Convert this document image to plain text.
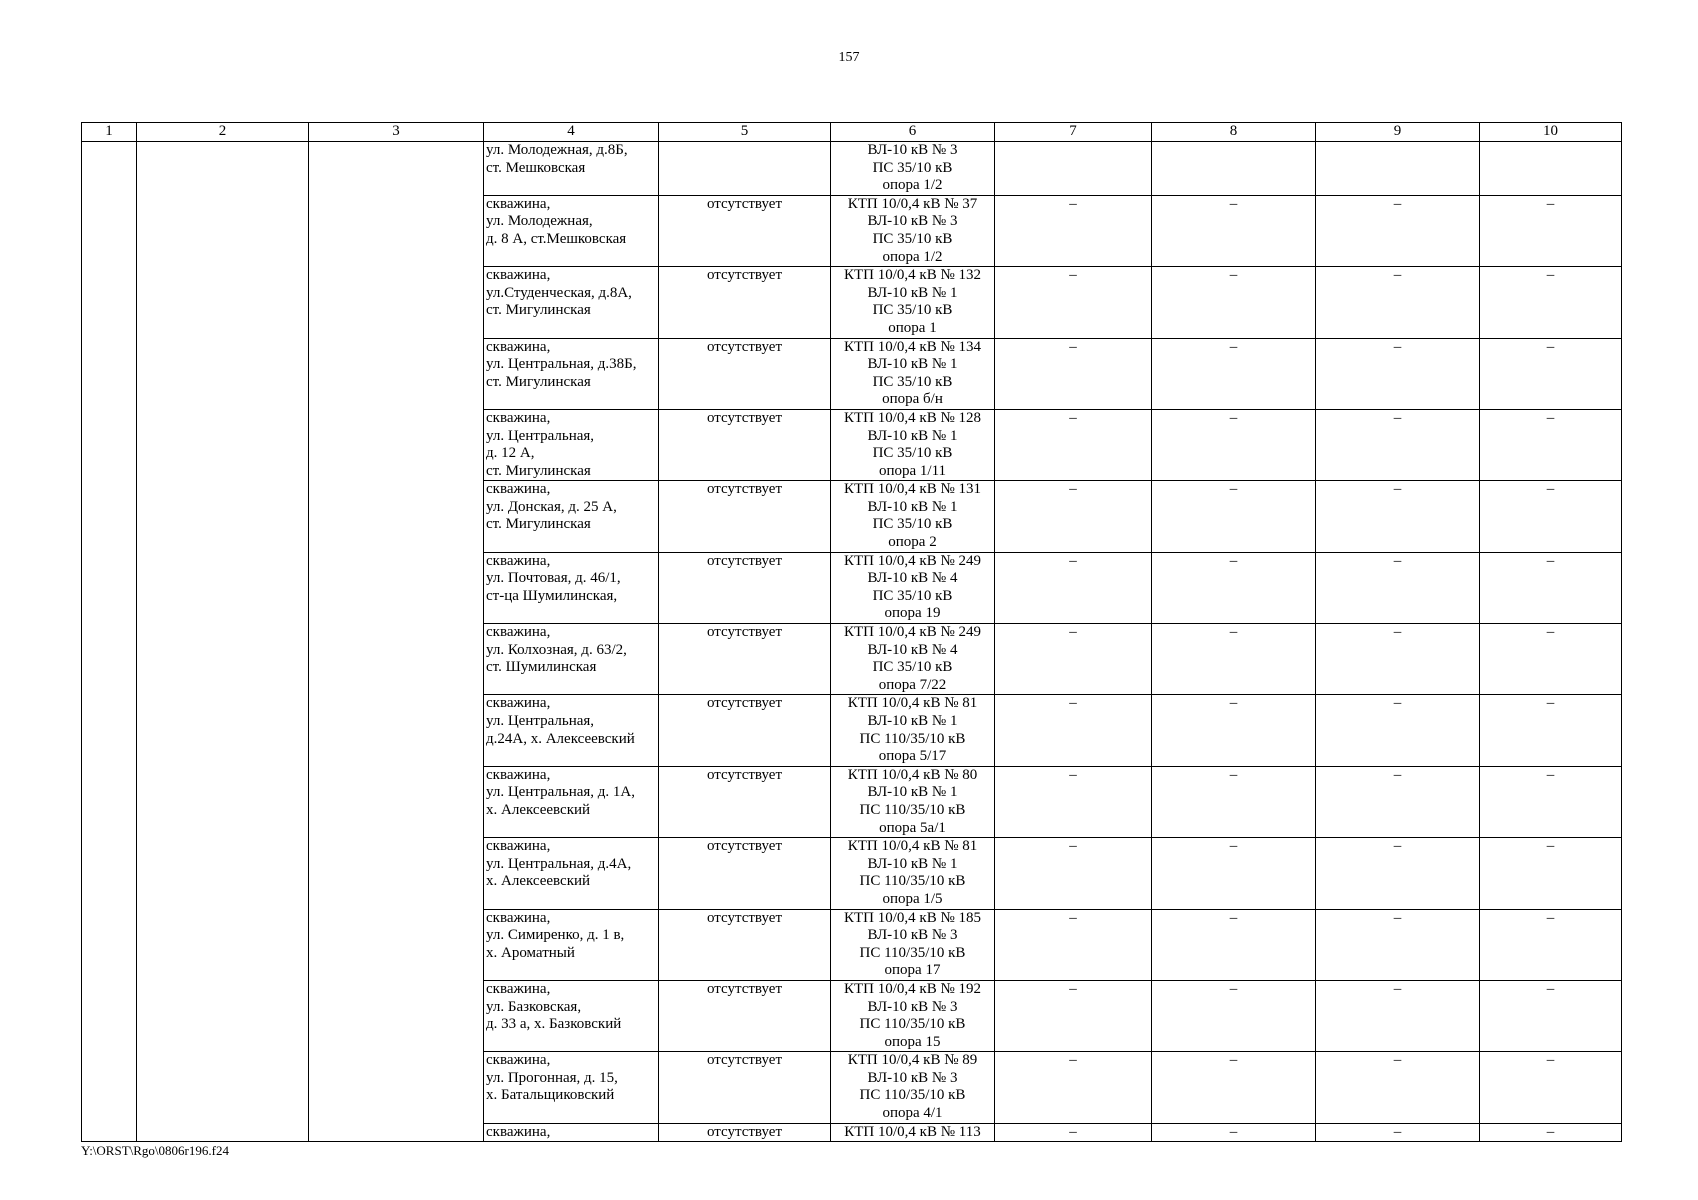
157
1	2	3	4	5	6	7	8	9	10
			ул. Молодежная, д.8Б,
ст. Мешковская		ВЛ-10 кВ № 3
ПС 35/10 кВ
опора 1/2				
			скважина,
ул. Молодежная,
д. 8 А, ст.Мешковская	отсутствует	КТП 10/0,4 кВ № 37
ВЛ-10 кВ № 3
ПС 35/10 кВ
опора 1/2	–	–	–	–
			скважина,
ул.Студенческая, д.8А,
ст. Мигулинская	отсутствует	КТП 10/0,4 кВ № 132
ВЛ-10 кВ № 1
ПС 35/10 кВ
опора 1	–	–	–	–
			скважина,
ул. Центральная, д.38Б,
ст. Мигулинская	отсутствует	КТП 10/0,4 кВ № 134
ВЛ-10 кВ № 1
ПС 35/10 кВ
опора б/н	–	–	–	–
			скважина,
ул. Центральная,
д. 12 А,
ст. Мигулинская	отсутствует	КТП 10/0,4 кВ № 128
ВЛ-10 кВ № 1
ПС 35/10 кВ
опора 1/11	–	–	–	–
			скважина,
ул. Донская, д. 25 А,
ст. Мигулинская	отсутствует	КТП 10/0,4 кВ № 131
ВЛ-10 кВ № 1
ПС 35/10 кВ
опора 2	–	–	–	–
			скважина,
ул. Почтовая, д. 46/1,
ст-ца Шумилинская,	отсутствует	КТП 10/0,4 кВ № 249
ВЛ-10 кВ № 4
ПС 35/10 кВ
опора 19	–	–	–	–
			скважина,
ул. Колхозная, д. 63/2,
ст. Шумилинская	отсутствует	КТП 10/0,4 кВ № 249
ВЛ-10 кВ № 4
ПС 35/10 кВ
опора 7/22	–	–	–	–
			скважина,
ул. Центральная,
д.24А, х. Алексеевский	отсутствует	КТП 10/0,4 кВ № 81
ВЛ-10 кВ № 1
ПС 110/35/10 кВ
опора 5/17	–	–	–	–
			скважина,
ул. Центральная, д. 1А,
х. Алексеевский	отсутствует	КТП 10/0,4 кВ № 80
ВЛ-10 кВ № 1
ПС 110/35/10 кВ
опора 5а/1	–	–	–	–
			скважина,
ул. Центральная, д.4А,
х. Алексеевский	отсутствует	КТП 10/0,4 кВ № 81
ВЛ-10 кВ № 1
ПС 110/35/10 кВ
опора 1/5	–	–	–	–
			скважина,
ул. Симиренко, д. 1 в,
х. Ароматный	отсутствует	КТП 10/0,4 кВ № 185
ВЛ-10 кВ № 3
ПС 110/35/10 кВ
опора 17	–	–	–	–
			скважина,
ул. Базковская,
д. 33 а, х. Базковский	отсутствует	КТП 10/0,4 кВ № 192
ВЛ-10 кВ № 3
ПС 110/35/10 кВ
опора 15	–	–	–	–
			скважина,
ул. Прогонная, д. 15,
х. Батальщиковский	отсутствует	КТП 10/0,4 кВ № 89
ВЛ-10 кВ № 3
ПС 110/35/10 кВ
опора 4/1	–	–	–	–
			скважина,	отсутствует	КТП 10/0,4 кВ № 113	–	–	–	–
Y:\ORST\Rgo\0806r196.f24
